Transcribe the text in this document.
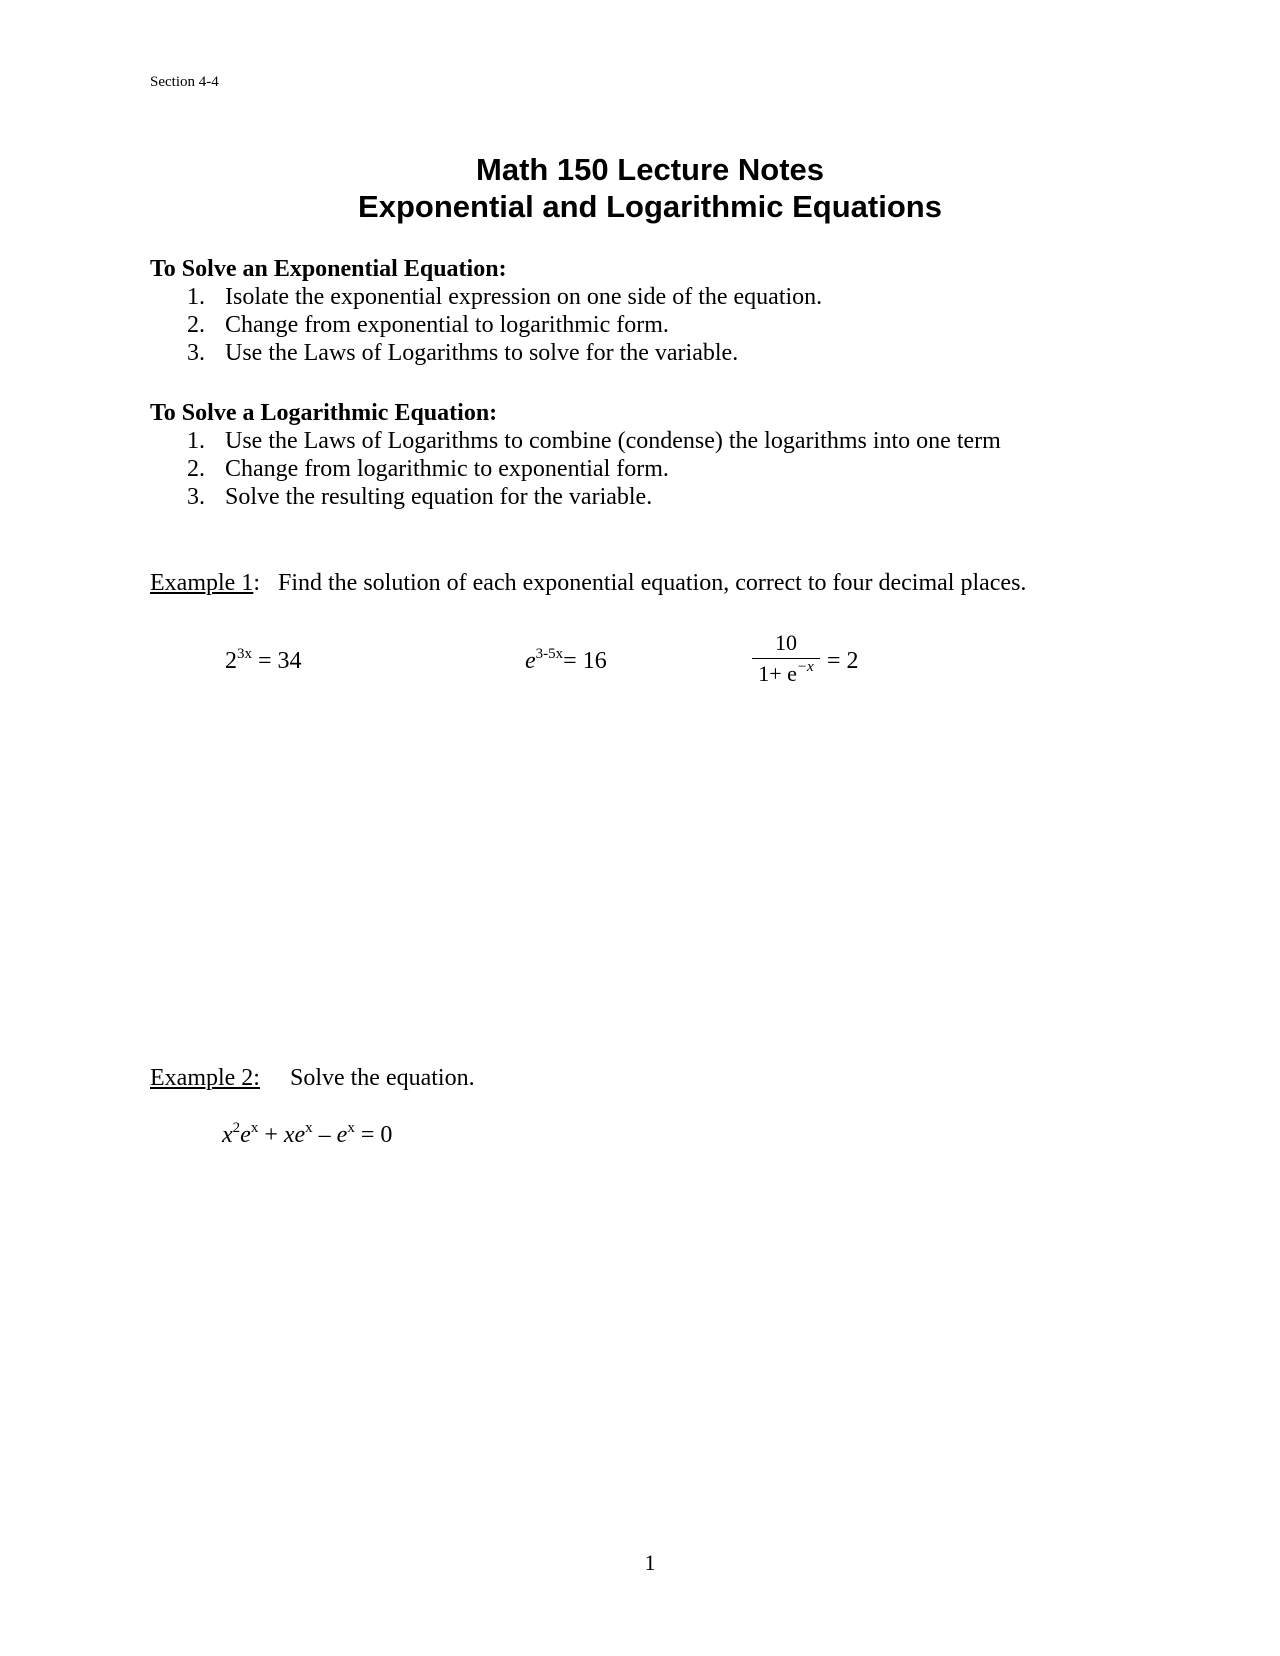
Section 4-4
Math 150 Lecture Notes
Exponential and Logarithmic Equations
To Solve an Exponential Equation:
1. Isolate the exponential expression on one side of the equation.
2. Change from exponential to logarithmic form.
3. Use the Laws of Logarithms to solve for the variable.
To Solve a Logarithmic Equation:
1. Use the Laws of Logarithms to combine (condense) the logarithms into one term
2. Change from logarithmic to exponential form.
3. Solve the resulting equation for the variable.
Example 1: Find the solution of each exponential equation, correct to four decimal places.
$2^{3x} = 34$	$e^{3-5x}= 16$
10
$1+ e^{-x} = 2$
Example 2: Solve the equation.
$x^2e^x + xe^x - e^x = 0$
1
